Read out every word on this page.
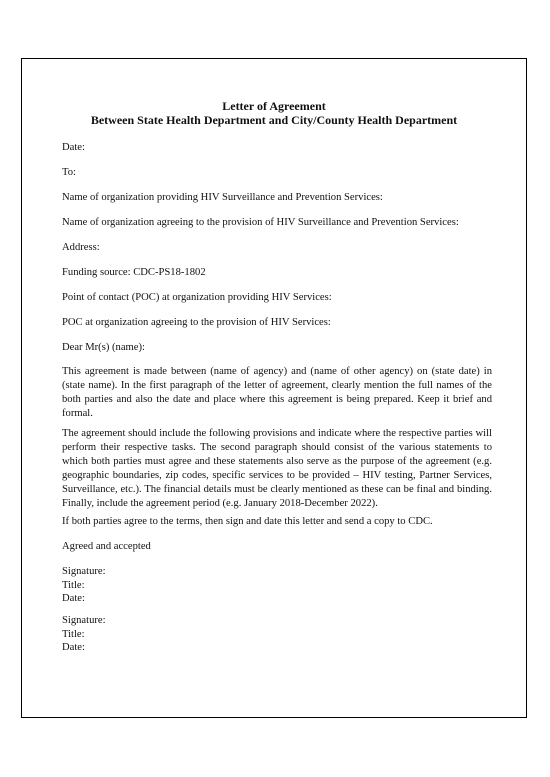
Letter of Agreement

Between State Health Department and City/County Health Department

Date:
To:
Name of organization providing HIV Surveillance and Prevention Services:
Name of organization agreeing to the provision of HIV Surveillance and Prevention Services:
Address:
Funding source: CDC-PS18-1802
Point of contact (POC) at organization providing HIV Services:
POC at organization agreeing to the provision of HIV Services:
Dear Mr(s) (name):
This agreement is made between (name of agency) and (name of other agency) on (state date) in (state name). In the first paragraph of the letter of agreement, clearly mention the full names of the both parties and also the date and place where this agreement is being prepared. Keep it brief and formal.
The agreement should include the following provisions and indicate where the respective parties will perform their respective tasks. The second paragraph should consist of the various statements to which both parties must agree and these statements also serve as the purpose of the agreement (e.g. geographic boundaries, zip codes, specific services to be provided – HIV testing, Partner Services, Surveillance, etc.). The financial details must be clearly mentioned as these can be final and binding. Finally, include the agreement period (e.g. January 2018-December 2022).
If both parties agree to the terms, then sign and date this letter and send a copy to CDC.
Agreed and accepted
Signature:
Title:
Date:
Signature:
Title:
Date:
